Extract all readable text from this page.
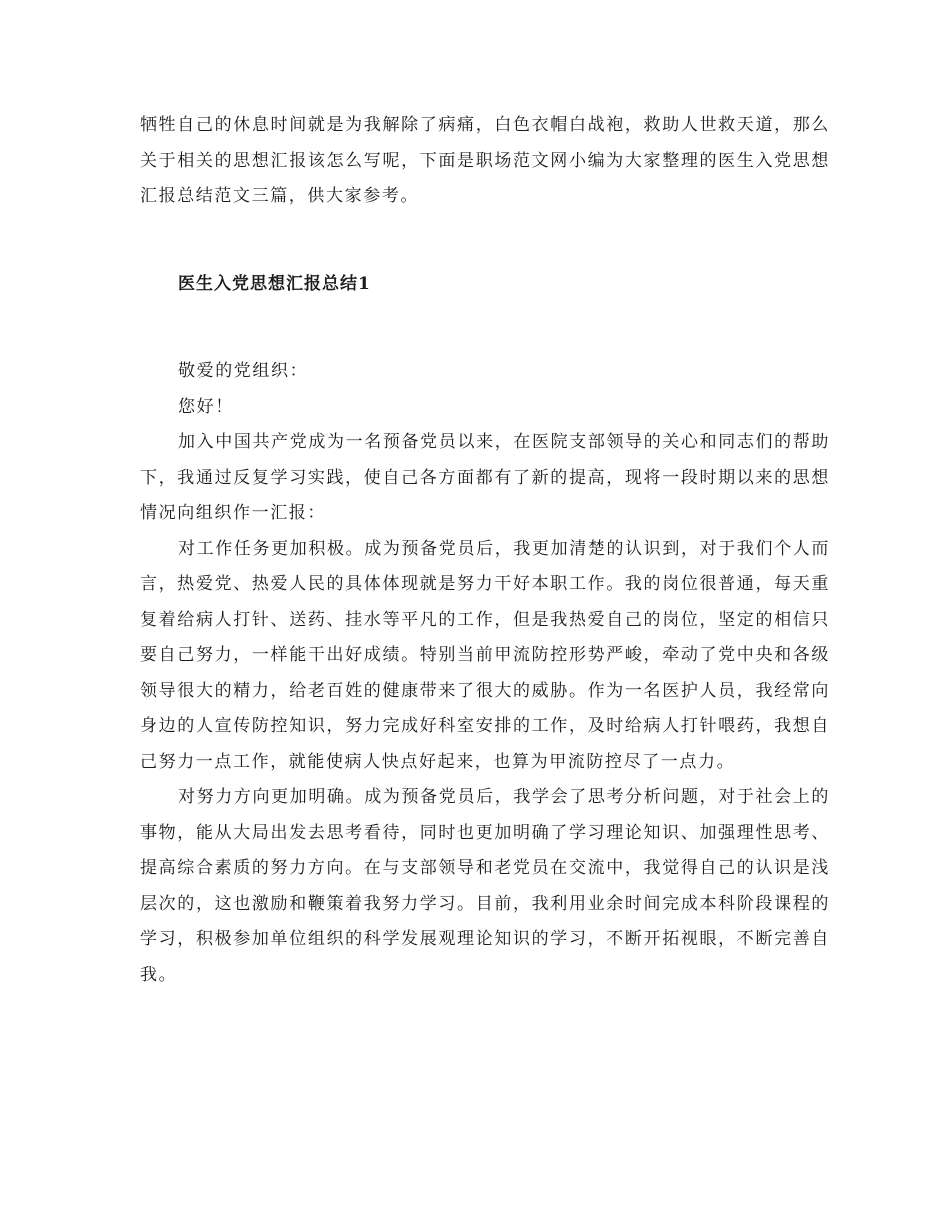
牺牲自己的休息时间就是为我解除了病痛，白色衣帽白战袍，救助人世救天道，那么关于相关的思想汇报该怎么写呢，下面是职场范文网小编为大家整理的医生入党思想汇报总结范文三篇，供大家参考。

医生入党思想汇报总结1

敬爱的党组织：

您好！

加入中国共产党成为一名预备党员以来，在医院支部领导的关心和同志们的帮助下，我通过反复学习实践，使自己各方面都有了新的提高，现将一段时期以来的思想情况向组织作一汇报：

对工作任务更加积极。成为预备党员后，我更加清楚的认识到，对于我们个人而言，热爱党、热爱人民的具体体现就是努力干好本职工作。我的岗位很普通，每天重复着给病人打针、送药、挂水等平凡的工作，但是我热爱自己的岗位，坚定的相信只要自己努力，一样能干出好成绩。特别当前甲流防控形势严峻，牵动了党中央和各级领导很大的精力，给老百姓的健康带来了很大的威胁。作为一名医护人员，我经常向身边的人宣传防控知识，努力完成好科室安排的工作，及时给病人打针喂药，我想自己努力一点工作，就能使病人快点好起来，也算为甲流防控尽了一点力。

对努力方向更加明确。成为预备党员后，我学会了思考分析问题，对于社会上的事物，能从大局出发去思考看待，同时也更加明确了学习理论知识、加强理性思考、提高综合素质的努力方向。在与支部领导和老党员在交流中，我觉得自己的认识是浅层次的，这也激励和鞭策着我努力学习。目前，我利用业余时间完成本科阶段课程的学习，积极参加单位组织的科学发展观理论知识的学习，不断开拓视眼，不断完善自我。
